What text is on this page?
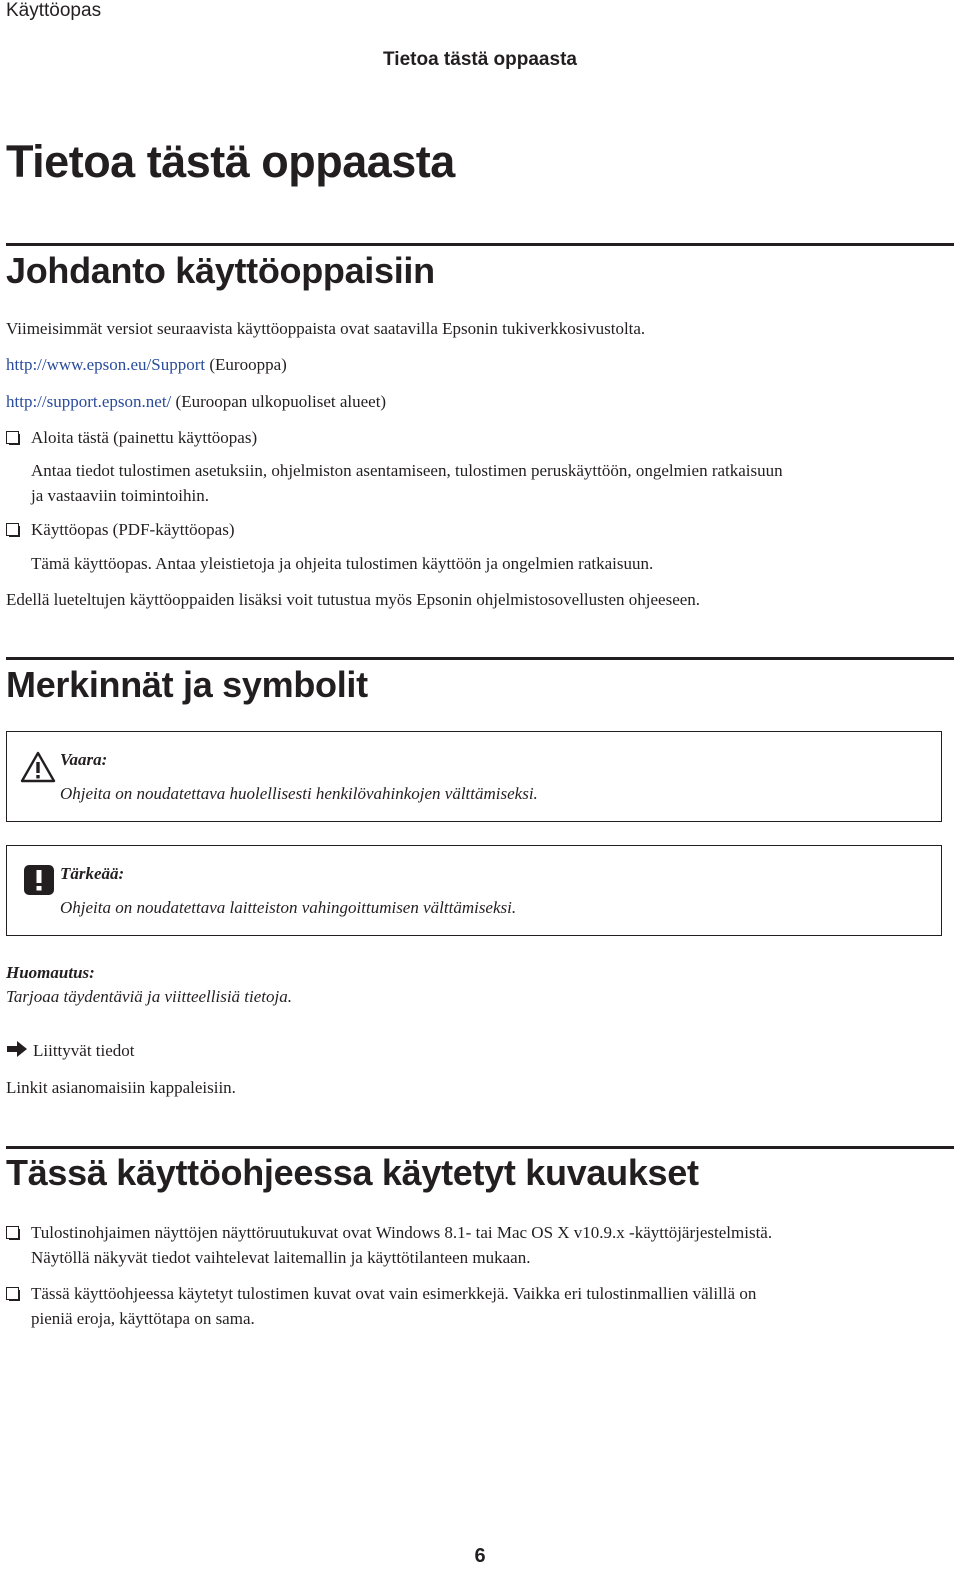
Käyttöopas
Tietoa tästä oppaasta
Tietoa tästä oppaasta
Johdanto käyttöoppaisiin
Viimeisimmät versiot seuraavista käyttöoppaista ovat saatavilla Epsonin tukiverkkosivustolta.
http://www.epson.eu/Support (Eurooppa)
http://support.epson.net/ (Euroopan ulkopuoliset alueet)
Aloita tästä (painettu käyttöopas)
Antaa tiedot tulostimen asetuksiin, ohjelmiston asentamiseen, tulostimen peruskäyttöön, ongelmien ratkaisuun
ja vastaaviin toimintoihin.
Käyttöopas (PDF-käyttöopas)
Tämä käyttöopas. Antaa yleistietoja ja ohjeita tulostimen käyttöön ja ongelmien ratkaisuun.
Edellä lueteltujen käyttöoppaiden lisäksi voit tutustua myös Epsonin ohjelmistosovellusten ohjeeseen.
Merkinnät ja symbolit
Vaara:
Ohjeita on noudatettava huolellisesti henkilövahinkojen välttämiseksi.
Tärkeää:
Ohjeita on noudatettava laitteiston vahingoittumisen välttämiseksi.
Huomautus:
Tarjoaa täydentäviä ja viitteellisiä tietoja.
Liittyvät tiedot
Linkit asianomaisiin kappaleisiin.
Tässä käyttöohjeessa käytetyt kuvaukset
Tulostinohjaimen näyttöjen näyttöruutukuvat ovat Windows 8.1- tai Mac OS X v10.9.x -käyttöjärjestelmistä.
Näytöllä näkyvät tiedot vaihtelevat laitemallin ja käyttötilanteen mukaan.
Tässä käyttöohjeessa käytetyt tulostimen kuvat ovat vain esimerkkejä. Vaikka eri tulostinmallien välillä on
pieniä eroja, käyttötapa on sama.
6
